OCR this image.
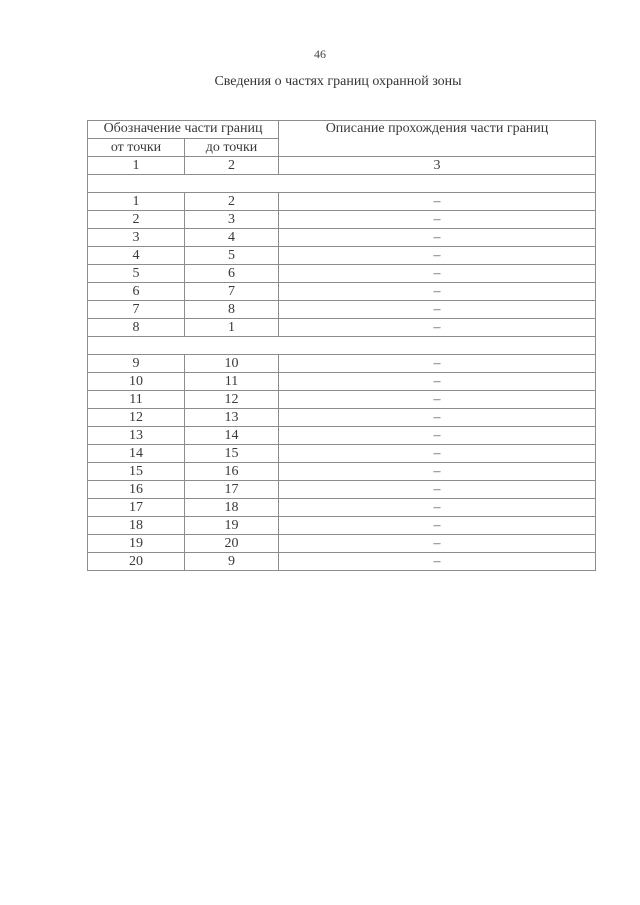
46
Сведения о частях границ охранной зоны
Обозначение части границ		Описание прохождения части границ
от точки	до точки	
1	2	3

1	2	–
2	3	–
3	4	–
4	5	–
5	6	–
6	7	–
7	8	–
8	1	–

9	10	–
10	11	–
11	12	–
12	13	–
13	14	–
14	15	–
15	16	–
16	17	–
17	18	–
18	19	–
19	20	–
20	9	–
